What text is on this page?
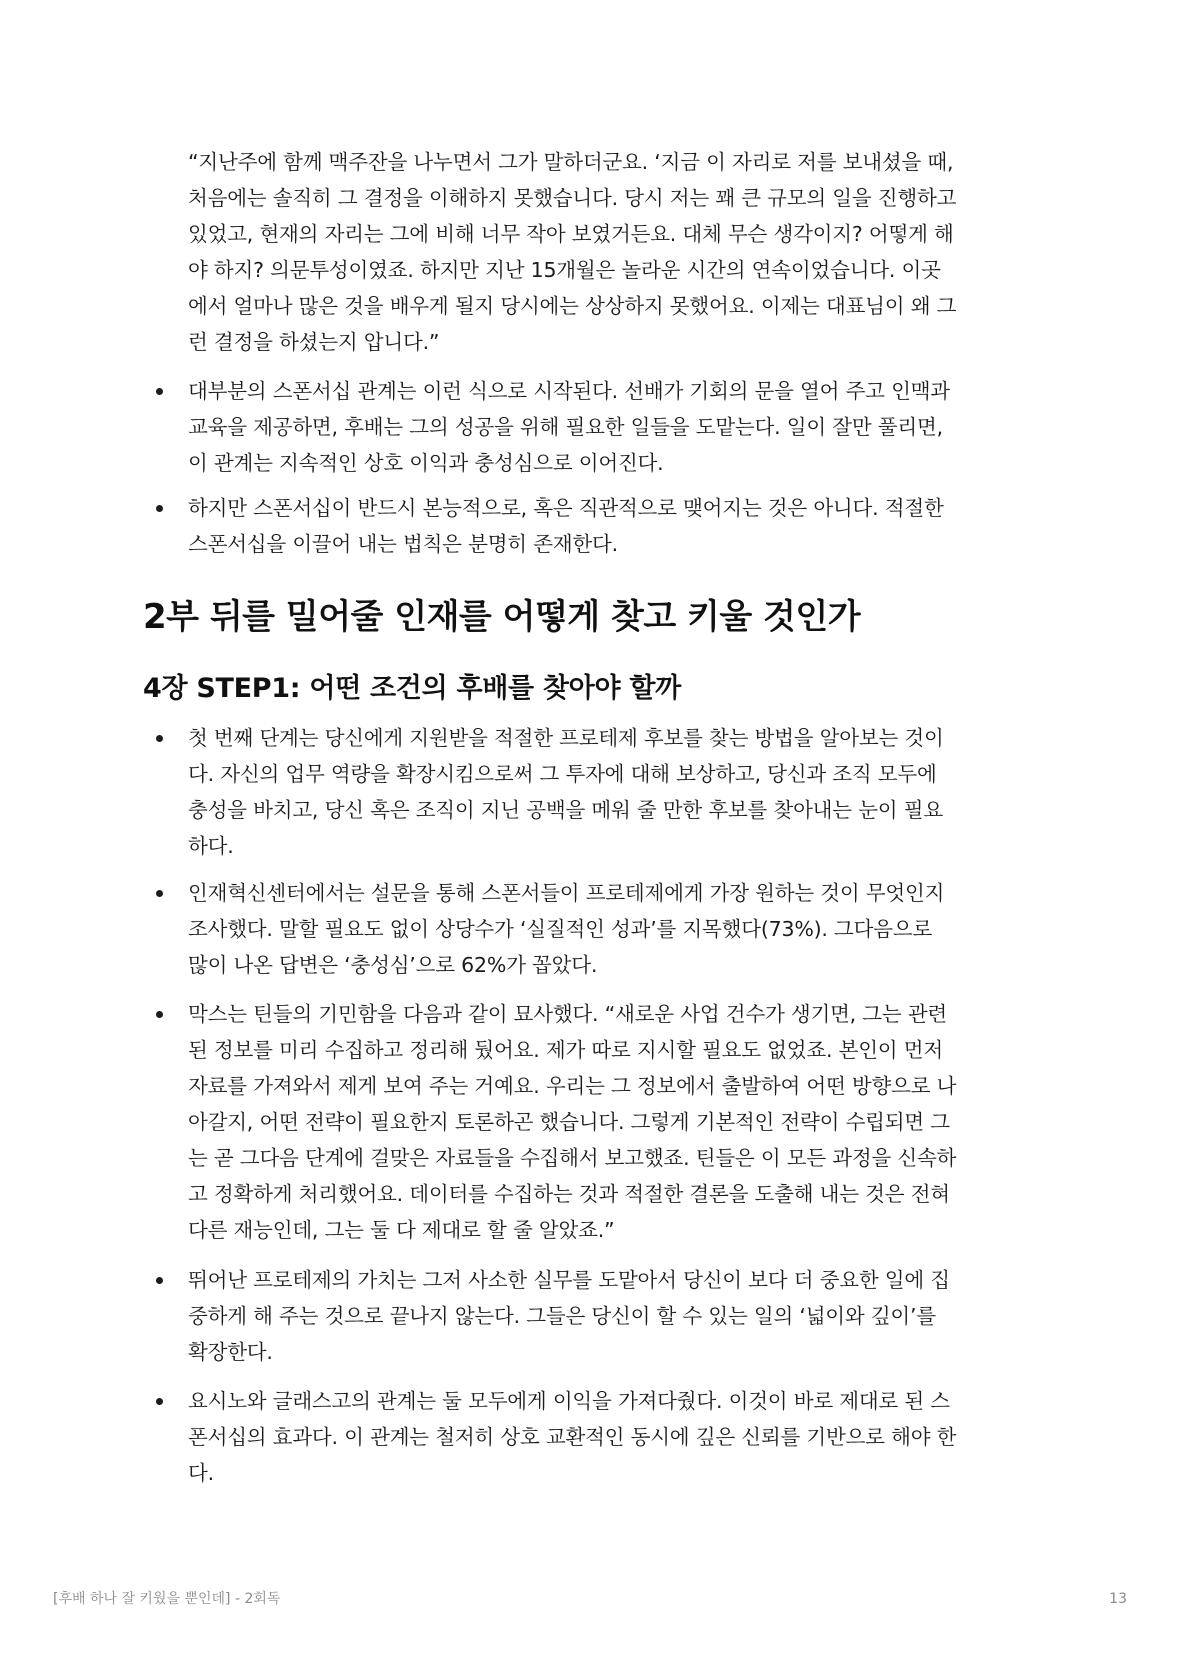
“지난주에 함께 맥주잔을 나누면서 그가 말하더군요. ‘지금 이 자리로 저를 보내셨을 때,
처음에는 솔직히 그 결정을 이해하지 못했습니다. 당시 저는 꽤 큰 규모의 일을 진행하고
있었고, 현재의 자리는 그에 비해 너무 작아 보였거든요. 대체 무슨 생각이지? 어떻게 해
야 하지? 의문투성이였죠. 하지만 지난 15개월은 놀라운 시간의 연속이었습니다. 이곳
에서 얼마나 많은 것을 배우게 될지 당시에는 상상하지 못했어요. 이제는 대표님이 왜 그
런 결정을 하셨는지 압니다.”
대부분의 스폰서십 관계는 이런 식으로 시작된다. 선배가 기회의 문을 열어 주고 인맥과
교육을 제공하면, 후배는 그의 성공을 위해 필요한 일들을 도맡는다. 일이 잘만 풀리면,
이 관계는 지속적인 상호 이익과 충성심으로 이어진다.
하지만 스폰서십이 반드시 본능적으로, 혹은 직관적으로 맺어지는 것은 아니다. 적절한
스폰서십을 이끌어 내는 법칙은 분명히 존재한다.
2부 뒤를 밀어줄 인재를 어떻게 찾고 키울 것인가
4장 STEP1: 어떤 조건의 후배를 찾아야 할까
첫 번째 단계는 당신에게 지원받을 적절한 프로테제 후보를 찾는 방법을 알아보는 것이
다. 자신의 업무 역량을 확장시킴으로써 그 투자에 대해 보상하고, 당신과 조직 모두에
충성을 바치고, 당신 혹은 조직이 지닌 공백을 메워 줄 만한 후보를 찾아내는 눈이 필요
하다.
인재혁신센터에서는 설문을 통해 스폰서들이 프로테제에게 가장 원하는 것이 무엇인지
조사했다. 말할 필요도 없이 상당수가 ‘실질적인 성과’를 지목했다(73%). 그다음으로
많이 나온 답변은 ‘충성심’으로 62%가 꼽았다.
막스는 틴들의 기민함을 다음과 같이 묘사했다. “새로운 사업 건수가 생기면, 그는 관련
된 정보를 미리 수집하고 정리해 뒀어요. 제가 따로 지시할 필요도 없었죠. 본인이 먼저
자료를 가져와서 제게 보여 주는 거예요. 우리는 그 정보에서 출발하여 어떤 방향으로 나
아갈지, 어떤 전략이 필요한지 토론하곤 했습니다. 그렇게 기본적인 전략이 수립되면 그
는 곧 그다음 단계에 걸맞은 자료들을 수집해서 보고했죠. 틴들은 이 모든 과정을 신속하
고 정확하게 처리했어요. 데이터를 수집하는 것과 적절한 결론을 도출해 내는 것은 전혀
다른 재능인데, 그는 둘 다 제대로 할 줄 알았죠.”
뛰어난 프로테제의 가치는 그저 사소한 실무를 도맡아서 당신이 보다 더 중요한 일에 집
중하게 해 주는 것으로 끝나지 않는다. 그들은 당신이 할 수 있는 일의 ‘넓이와 깊이’를
확장한다.
요시노와 글래스고의 관계는 둘 모두에게 이익을 가져다줬다. 이것이 바로 제대로 된 스
폰서십의 효과다. 이 관계는 철저히 상호 교환적인 동시에 깊은 신뢰를 기반으로 해야 한
다.
[후배 하나 잘 키웠을 뿐인데] - 2회독	13
